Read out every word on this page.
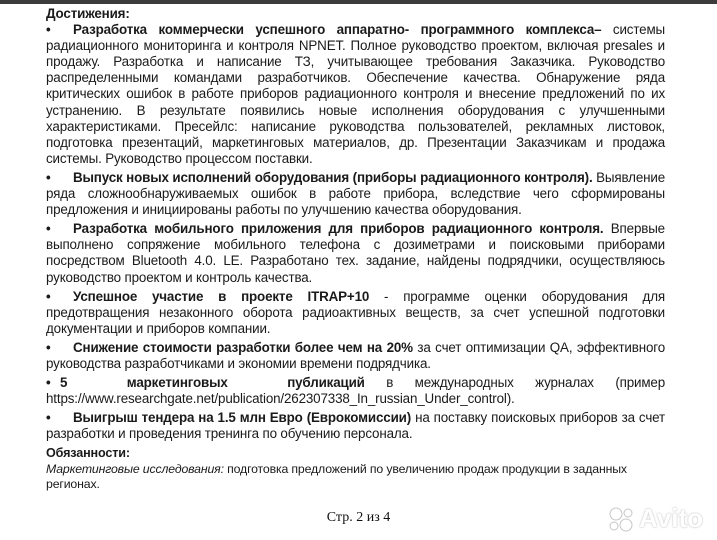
Достижения:

• Разработка коммерчески успешного аппаратно- программного комплекса– системы радиационного мониторинга и контроля NPNET. Полное руководство проектом, включая presales и продажу. Разработка и написание ТЗ, учитывающее требования Заказчика. Руководство распределенными командами разработчиков. Обеспечение качества. Обнаружение ряда критических ошибок в работе приборов радиационного контроля и внесение предложений по их устранению. В результате появились новые исполнения оборудования с улучшенными характеристиками. Пресейлс: написание руководства пользователей, рекламных листовок, подготовка презентаций, маркетинговых материалов, др. Презентации Заказчикам и продажа системы. Руководство процессом поставки.

• Выпуск новых исполнений оборудования (приборы радиационного контроля). Выявление ряда сложнообнаруживаемых ошибок в работе прибора, вследствие чего сформированы предложения и инициированы работы по улучшению качества оборудования.

• Разработка мобильного приложения для приборов радиационного контроля. Впервые выполнено сопряжение мобильного телефона с дозиметрами и поисковыми приборами посредством Bluetooth 4.0. LE. Разработано тех. задание, найдены подрядчики, осуществляюсь руководство проектом и контроль качества.

• Успешное участие в проекте ITRAP+10 - программе оценки оборудования для предотвращения незаконного оборота радиоактивных веществ, за счет успешной подготовки документации и приборов компании.

• Снижение стоимости разработки более чем на 20% за счет оптимизации QA, эффективного руководства разработчиками и экономии времени подрядчика.

• 5 маркетинговых публикаций в международных журналах (пример https://www.researchgate.net/publication/262307338_In_russian_Under_control).

• Выигрыш тендера на 1.5 млн Евро (Еврокомиссии) на поставку поисковых приборов за счет разработки и проведения тренинга по обучению персонала.

Обязанности:

Маркетинговые исследования: подготовка предложений по увеличению продаж продукции в заданных регионах.

Стр. 2 из 4	Avito
